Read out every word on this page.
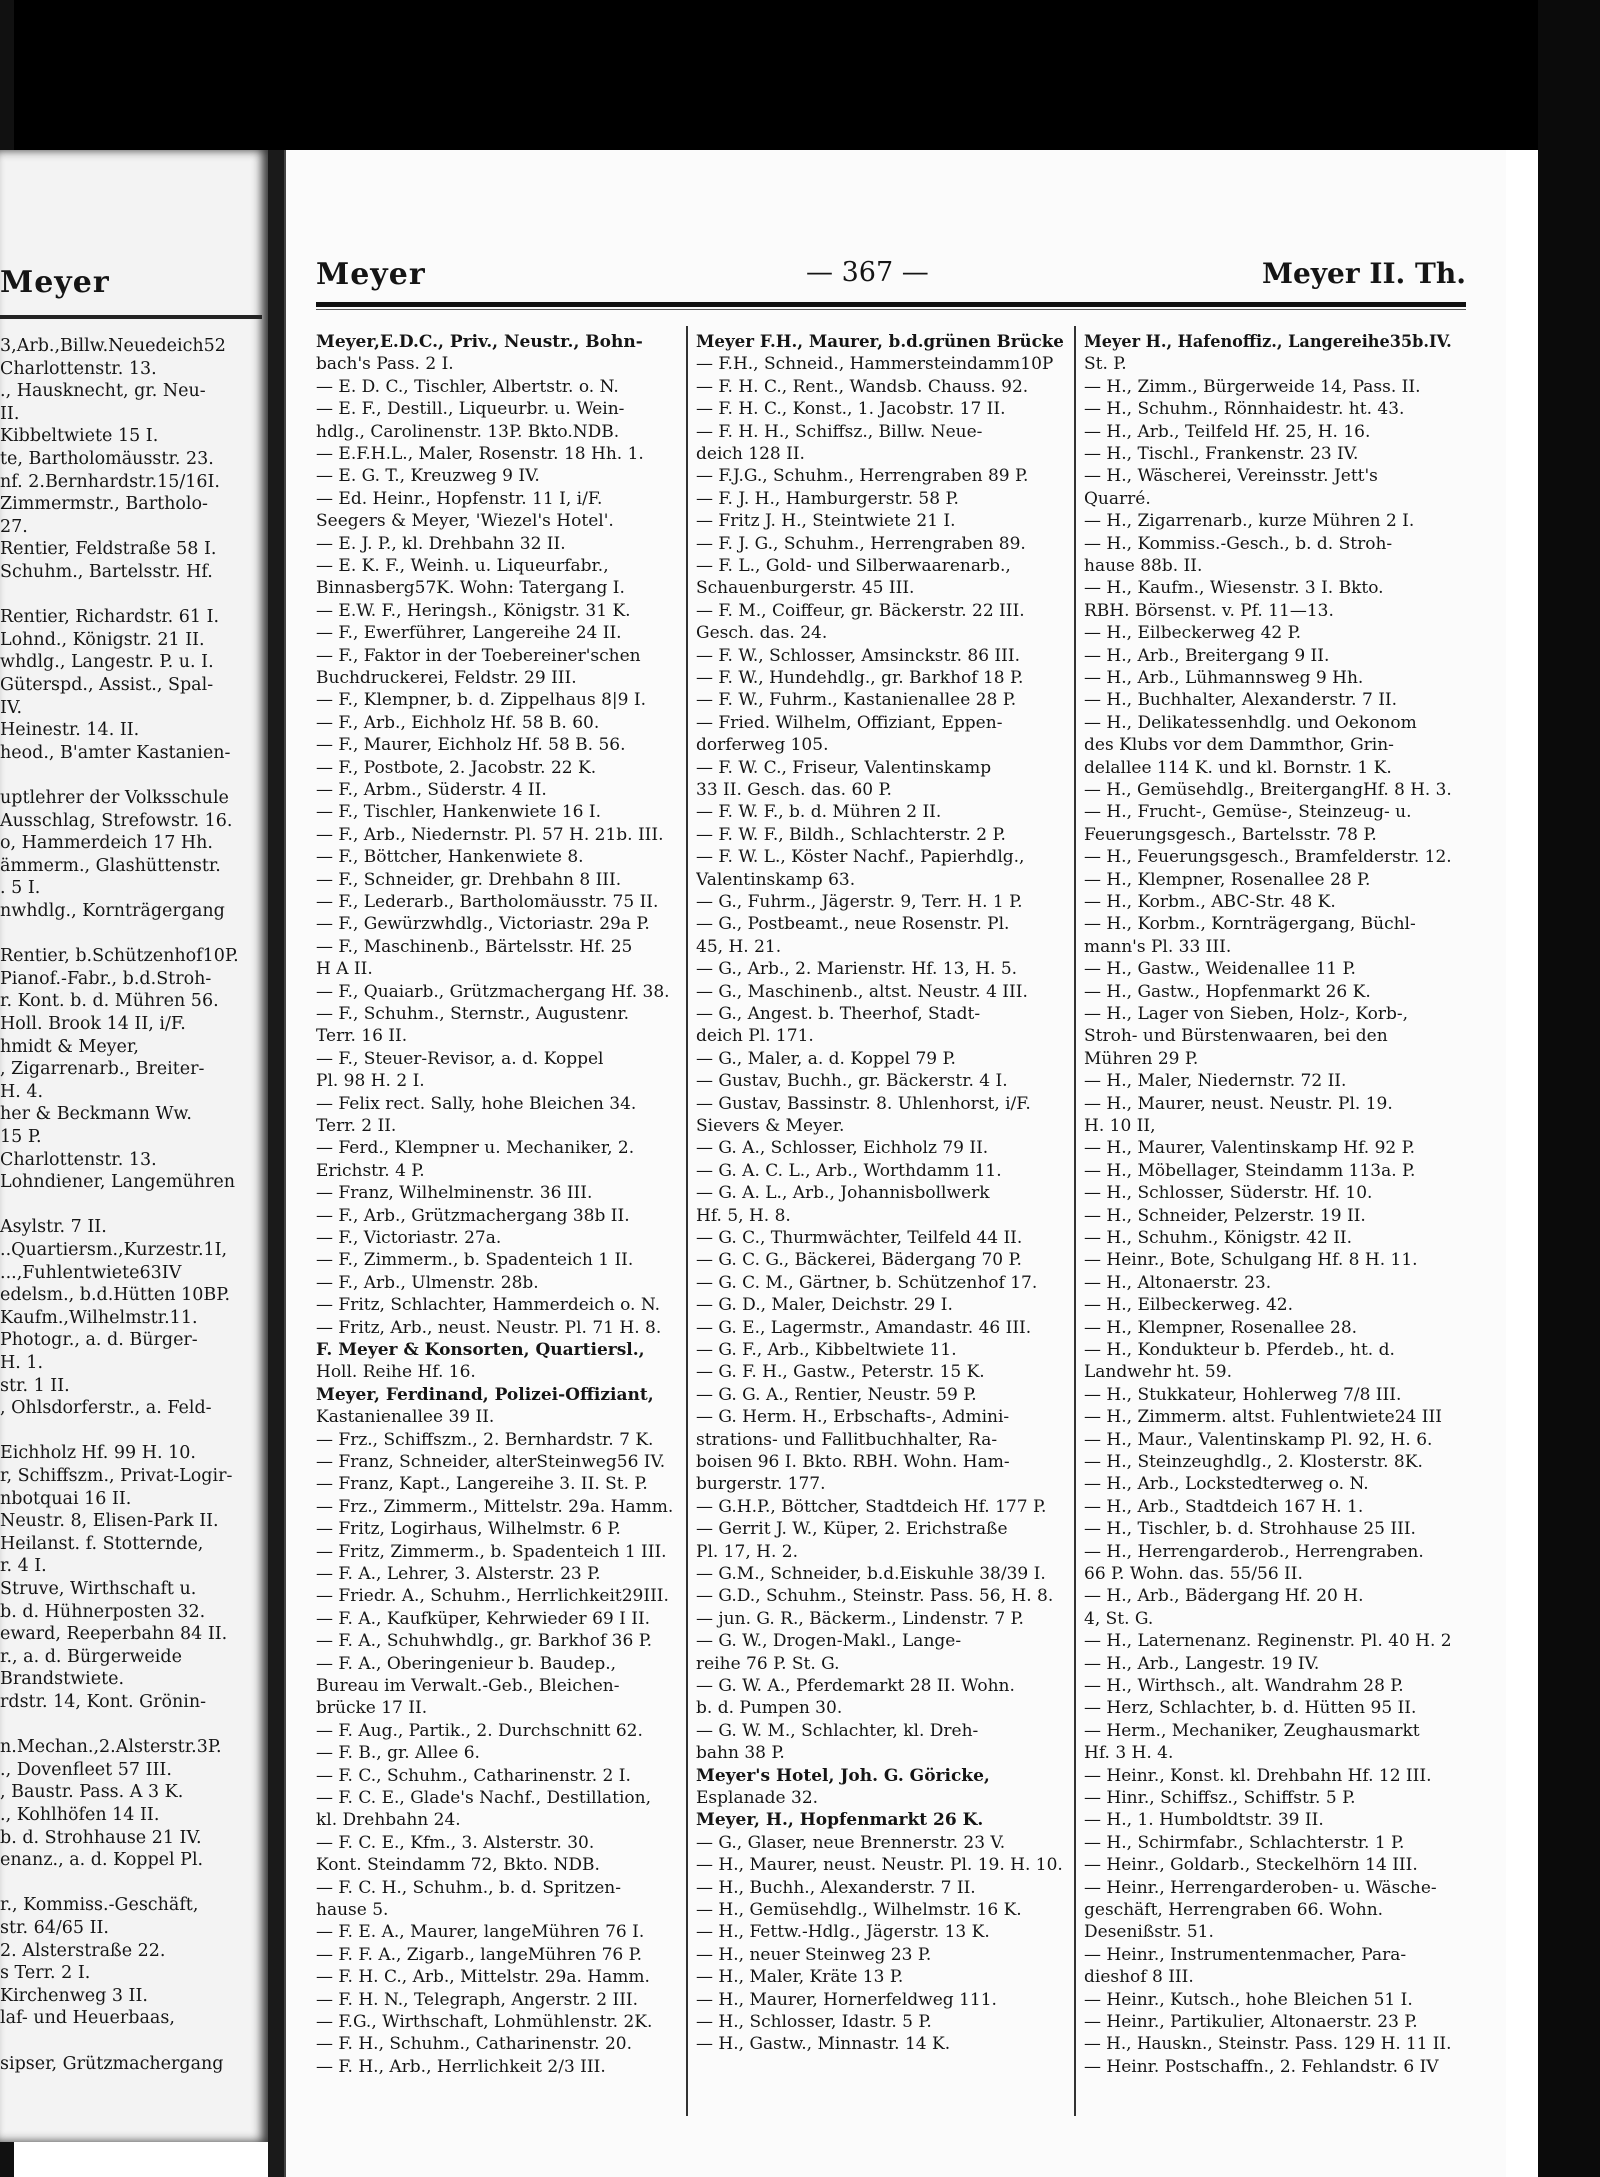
Meyer
3,Arb.,Billw.Neuedeich52
Charlottenstr. 13.
., Hausknecht, gr. Neu-
II.
Kibbeltwiete 15 I.
te, Bartholomäusstr. 23.
nf. 2.Bernhardstr.15/16I.
Zimmermstr., Bartholo-
27.
Rentier, Feldstraße 58 I.
Schuhm., Bartelsstr. Hf.
Rentier, Richardstr. 61 I.
Lohnd., Königstr. 21 II.
whdlg., Langestr. P. u. I.
Güterspd., Assist., Spal-
IV.
Heinestr. 14. II.
heod., B'amter Kastanien-
uptlehrer der Volksschule
Ausschlag, Strefowstr. 16.
o, Hammerdeich 17 Hh.
ämmerm., Glashüttenstr.
. 5 I.
nwhdlg., Kornträgergang
Rentier, b.Schützenhof10P.
Pianof.-Fabr., b.d.Stroh-
r. Kont. b. d. Mühren 56.
Holl. Brook 14 II, i/F.
hmidt & Meyer,
, Zigarrenarb., Breiter-
H. 4.
her & Beckmann Ww.
15 P.
Charlottenstr. 13.
Lohndiener, Langemühren
Asylstr. 7 II.
..Quartiersm.,Kurzestr.1I,
...,Fuhlentwiete63IV
edelsm., b.d.Hütten 10BP.
Kaufm.,Wilhelmstr.11.
Photogr., a. d. Bürger-
H. 1.
str. 1 II.
, Ohlsdorferstr., a. Feld-
Eichholz Hf. 99 H. 10.
r, Schiffszm., Privat-Logir-
nbotquai 16 II.
Neustr. 8, Elisen-Park II.
Heilanst. f. Stotternde,
r. 4 I.
Struve, Wirthschaft u.
b. d. Hühnerposten 32.
eward, Reeperbahn 84 II.
r., a. d. Bürgerweide
Brandstwiete.
rdstr. 14, Kont. Grönin-
n.Mechan.,2.Alsterstr.3P.
., Dovenfleet 57 III.
, Baustr. Pass. A 3 K.
., Kohlhöfen 14 II.
b. d. Strohhause 21 IV.
enanz., a. d. Koppel Pl.
r., Kommiss.-Geschäft,
str. 64/65 II.
2. Alsterstraße 22.
s Terr. 2 I.
Kirchenweg 3 II.
laf- und Heuerbaas,
sipser, Grützmachergang
Meyer	— 367 —	Meyer II. Th.
Meyer,E.D.C., Priv., Neustr., Bohn-
bach's Pass. 2 I.
— E. D. C., Tischler, Albertstr. o. N.
— E. F., Destill., Liqueurbr. u. Wein-
hdlg., Carolinenstr. 13P. Bkto.NDB.
— E.F.H.L., Maler, Rosenstr. 18 Hh. 1.
— E. G. T., Kreuzweg 9 IV.
— Ed. Heinr., Hopfenstr. 11 I, i/F.
Seegers & Meyer, 'Wiezel's Hotel'.
— E. J. P., kl. Drehbahn 32 II.
— E. K. F., Weinh. u. Liqueurfabr.,
Binnasberg57K. Wohn: Tatergang I.
— E.W. F., Heringsh., Königstr. 31 K.
— F., Ewerführer, Langereihe 24 II.
— F., Faktor in der Toebereiner'schen
Buchdruckerei, Feldstr. 29 III.
— F., Klempner, b. d. Zippelhaus 8|9 I.
— F., Arb., Eichholz Hf. 58 B. 60.
— F., Maurer, Eichholz Hf. 58 B. 56.
— F., Postbote, 2. Jacobstr. 22 K.
— F., Arbm., Süderstr. 4 II.
— F., Tischler, Hankenwiete 16 I.
— F., Arb., Niedernstr. Pl. 57 H. 21b. III.
— F., Böttcher, Hankenwiete 8.
— F., Schneider, gr. Drehbahn 8 III.
— F., Lederarb., Bartholomäusstr. 75 II.
— F., Gewürzwhdlg., Victoriastr. 29a P.
— F., Maschinenb., Bärtelsstr. Hf. 25
H A II.
— F., Quaiarb., Grützmachergang Hf. 38.
— F., Schuhm., Sternstr., Augustenr.
Terr. 16 II.
— F., Steuer-Revisor, a. d. Koppel
Pl. 98 H. 2 I.
— Felix rect. Sally, hohe Bleichen 34.
Terr. 2 II.
— Ferd., Klempner u. Mechaniker, 2.
Erichstr. 4 P.
— Franz, Wilhelminenstr. 36 III.
— F., Arb., Grützmachergang 38b II.
— F., Victoriastr. 27a.
— F., Zimmerm., b. Spadenteich 1 II.
— F., Arb., Ulmenstr. 28b.
— Fritz, Schlachter, Hammerdeich o. N.
— Fritz, Arb., neust. Neustr. Pl. 71 H. 8.
F. Meyer & Konsorten, Quartiersl.,
Holl. Reihe Hf. 16.
Meyer, Ferdinand, Polizei-Offiziant,
Kastanienallee 39 II.
— Frz., Schiffszm., 2. Bernhardstr. 7 K.
— Franz, Schneider, alterSteinweg56 IV.
— Franz, Kapt., Langereihe 3. II. St. P.
— Frz., Zimmerm., Mittelstr. 29a. Hamm.
— Fritz, Logirhaus, Wilhelmstr. 6 P.
— Fritz, Zimmerm., b. Spadenteich 1 III.
— F. A., Lehrer, 3. Alsterstr. 23 P.
— Friedr. A., Schuhm., Herrlichkeit29III.
— F. A., Kaufküper, Kehrwieder 69 I II.
— F. A., Schuhwhdlg., gr. Barkhof 36 P.
— F. A., Oberingenieur b. Baudep.,
Bureau im Verwalt.-Geb., Bleichen-
brücke 17 II.
— F. Aug., Partik., 2. Durchschnitt 62.
— F. B., gr. Allee 6.
— F. C., Schuhm., Catharinenstr. 2 I.
— F. C. E., Glade's Nachf., Destillation,
kl. Drehbahn 24.
— F. C. E., Kfm., 3. Alsterstr. 30.
Kont. Steindamm 72, Bkto. NDB.
— F. C. H., Schuhm., b. d. Spritzen-
hause 5.
— F. E. A., Maurer, langeMühren 76 I.
— F. F. A., Zigarb., langeMühren 76 P.
— F. H. C., Arb., Mittelstr. 29a. Hamm.
— F. H. N., Telegraph, Angerstr. 2 III.
— F.G., Wirthschaft, Lohmühlenstr. 2K.
— F. H., Schuhm., Catharinenstr. 20.
— F. H., Arb., Herrlichkeit 2/3 III.
Meyer F.H., Maurer, b.d.grünen Brücke
— F.H., Schneid., Hammersteindamm10P
— F. H. C., Rent., Wandsb. Chauss. 92.
— F. H. C., Konst., 1. Jacobstr. 17 II.
— F. H. H., Schiffsz., Billw. Neue-
deich 128 II.
— F.J.G., Schuhm., Herrengraben 89 P.
— F. J. H., Hamburgerstr. 58 P.
— Fritz J. H., Steintwiete 21 I.
— F. J. G., Schuhm., Herrengraben 89.
— F. L., Gold- und Silberwaarenarb.,
Schauenburgerstr. 45 III.
— F. M., Coiffeur, gr. Bäckerstr. 22 III.
Gesch. das. 24.
— F. W., Schlosser, Amsinckstr. 86 III.
— F. W., Hundehdlg., gr. Barkhof 18 P.
— F. W., Fuhrm., Kastanienallee 28 P.
— Fried. Wilhelm, Offiziant, Eppen-
dorferweg 105.
— F. W. C., Friseur, Valentinskamp
33 II. Gesch. das. 60 P.
— F. W. F., b. d. Mühren 2 II.
— F. W. F., Bildh., Schlachterstr. 2 P.
— F. W. L., Köster Nachf., Papierhdlg.,
Valentinskamp 63.
— G., Fuhrm., Jägerstr. 9, Terr. H. 1 P.
— G., Postbeamt., neue Rosenstr. Pl.
45, H. 21.
— G., Arb., 2. Marienstr. Hf. 13, H. 5.
— G., Maschinenb., altst. Neustr. 4 III.
— G., Angest. b. Theerhof, Stadt-
deich Pl. 171.
— G., Maler, a. d. Koppel 79 P.
— Gustav, Buchh., gr. Bäckerstr. 4 I.
— Gustav, Bassinstr. 8. Uhlenhorst, i/F.
Sievers & Meyer.
— G. A., Schlosser, Eichholz 79 II.
— G. A. C. L., Arb., Worthdamm 11.
— G. A. L., Arb., Johannisbollwerk
Hf. 5, H. 8.
— G. C., Thurmwächter, Teilfeld 44 II.
— G. C. G., Bäckerei, Bädergang 70 P.
— G. C. M., Gärtner, b. Schützenhof 17.
— G. D., Maler, Deichstr. 29 I.
— G. E., Lagermstr., Amandastr. 46 III.
— G. F., Arb., Kibbeltwiete 11.
— G. F. H., Gastw., Peterstr. 15 K.
— G. G. A., Rentier, Neustr. 59 P.
— G. Herm. H., Erbschafts-, Admini-
strations- und Fallitbuchhalter, Ra-
boisen 96 I. Bkto. RBH. Wohn. Ham-
burgerstr. 177.
— G.H.P., Böttcher, Stadtdeich Hf. 177 P.
— Gerrit J. W., Küper, 2. Erichstraße
Pl. 17, H. 2.
— G.M., Schneider, b.d.Eiskuhle 38/39 I.
— G.D., Schuhm., Steinstr. Pass. 56, H. 8.
— jun. G. R., Bäckerm., Lindenstr. 7 P.
— G. W., Drogen-Makl., Lange-
reihe 76 P. St. G.
— G. W. A., Pferdemarkt 28 II. Wohn.
b. d. Pumpen 30.
— G. W. M., Schlachter, kl. Dreh-
bahn 38 P.
Meyer's Hotel, Joh. G. Göricke,
Esplanade 32.
Meyer, H., Hopfenmarkt 26 K.
— G., Glaser, neue Brennerstr. 23 V.
— H., Maurer, neust. Neustr. Pl. 19. H. 10.
— H., Buchh., Alexanderstr. 7 II.
— H., Gemüsehdlg., Wilhelmstr. 16 K.
— H., Fettw.-Hdlg., Jägerstr. 13 K.
— H., neuer Steinweg 23 P.
— H., Maler, Kräte 13 P.
— H., Maurer, Hornerfeldweg 111.
— H., Schlosser, Idastr. 5 P.
— H., Gastw., Minnastr. 14 K.
Meyer H., Hafenoffiz., Langereihe35b.IV.
St. P.
— H., Zimm., Bürgerweide 14, Pass. II.
— H., Schuhm., Rönnhaidestr. ht. 43.
— H., Arb., Teilfeld Hf. 25, H. 16.
— H., Tischl., Frankenstr. 23 IV.
— H., Wäscherei, Vereinsstr. Jett's
Quarré.
— H., Zigarrenarb., kurze Mühren 2 I.
— H., Kommiss.-Gesch., b. d. Stroh-
hause 88b. II.
— H., Kaufm., Wiesenstr. 3 I. Bkto.
RBH. Börsenst. v. Pf. 11—13.
— H., Eilbeckerweg 42 P.
— H., Arb., Breitergang 9 II.
— H., Arb., Lühmannsweg 9 Hh.
— H., Buchhalter, Alexanderstr. 7 II.
— H., Delikatessenhdlg. und Oekonom
des Klubs vor dem Dammthor, Grin-
delallee 114 K. und kl. Bornstr. 1 K.
— H., Gemüsehdlg., BreitergangHf. 8 H. 3.
— H., Frucht-, Gemüse-, Steinzeug- u.
Feuerungsgesch., Bartelsstr. 78 P.
— H., Feuerungsgesch., Bramfelderstr. 12.
— H., Klempner, Rosenallee 28 P.
— H., Korbm., ABC-Str. 48 K.
— H., Korbm., Kornträgergang, Büchl-
mann's Pl. 33 III.
— H., Gastw., Weidenallee 11 P.
— H., Gastw., Hopfenmarkt 26 K.
— H., Lager von Sieben, Holz-, Korb-,
Stroh- und Bürstenwaaren, bei den
Mühren 29 P.
— H., Maler, Niedernstr. 72 II.
— H., Maurer, neust. Neustr. Pl. 19.
H. 10 II,
— H., Maurer, Valentinskamp Hf. 92 P.
— H., Möbellager, Steindamm 113a. P.
— H., Schlosser, Süderstr. Hf. 10.
— H., Schneider, Pelzerstr. 19 II.
— H., Schuhm., Königstr. 42 II.
— Heinr., Bote, Schulgang Hf. 8 H. 11.
— H., Altonaerstr. 23.
— H., Eilbeckerweg. 42.
— H., Klempner, Rosenallee 28.
— H., Kondukteur b. Pferdeb., ht. d.
Landwehr ht. 59.
— H., Stukkateur, Hohlerweg 7/8 III.
— H., Zimmerm. altst. Fuhlentwiete24 III
— H., Maur., Valentinskamp Pl. 92, H. 6.
— H., Steinzeughdlg., 2. Klosterstr. 8K.
— H., Arb., Lockstedterweg o. N.
— H., Arb., Stadtdeich 167 H. 1.
— H., Tischler, b. d. Strohhause 25 III.
— H., Herrengarderob., Herrengraben.
66 P. Wohn. das. 55/56 II.
— H., Arb., Bädergang Hf. 20 H.
4, St. G.
— H., Laternenanz. Reginenstr. Pl. 40 H. 2
— H., Arb., Langestr. 19 IV.
— H., Wirthsch., alt. Wandrahm 28 P.
— Herz, Schlachter, b. d. Hütten 95 II.
— Herm., Mechaniker, Zeughausmarkt
Hf. 3 H. 4.
— Heinr., Konst. kl. Drehbahn Hf. 12 III.
— Hinr., Schiffsz., Schiffstr. 5 P.
— H., 1. Humboldtstr. 39 II.
— H., Schirmfabr., Schlachterstr. 1 P.
— Heinr., Goldarb., Steckelhörn 14 III.
— Heinr., Herrengarderoben- u. Wäsche-
geschäft, Herrengraben 66. Wohn.
Desenißstr. 51.
— Heinr., Instrumentenmacher, Para-
dieshof 8 III.
— Heinr., Kutsch., hohe Bleichen 51 I.
— Heinr., Partikulier, Altonaerstr. 23 P.
— H., Hauskn., Steinstr. Pass. 129 H. 11 II.
— Heinr. Postschaffn., 2. Fehlandstr. 6 IV
